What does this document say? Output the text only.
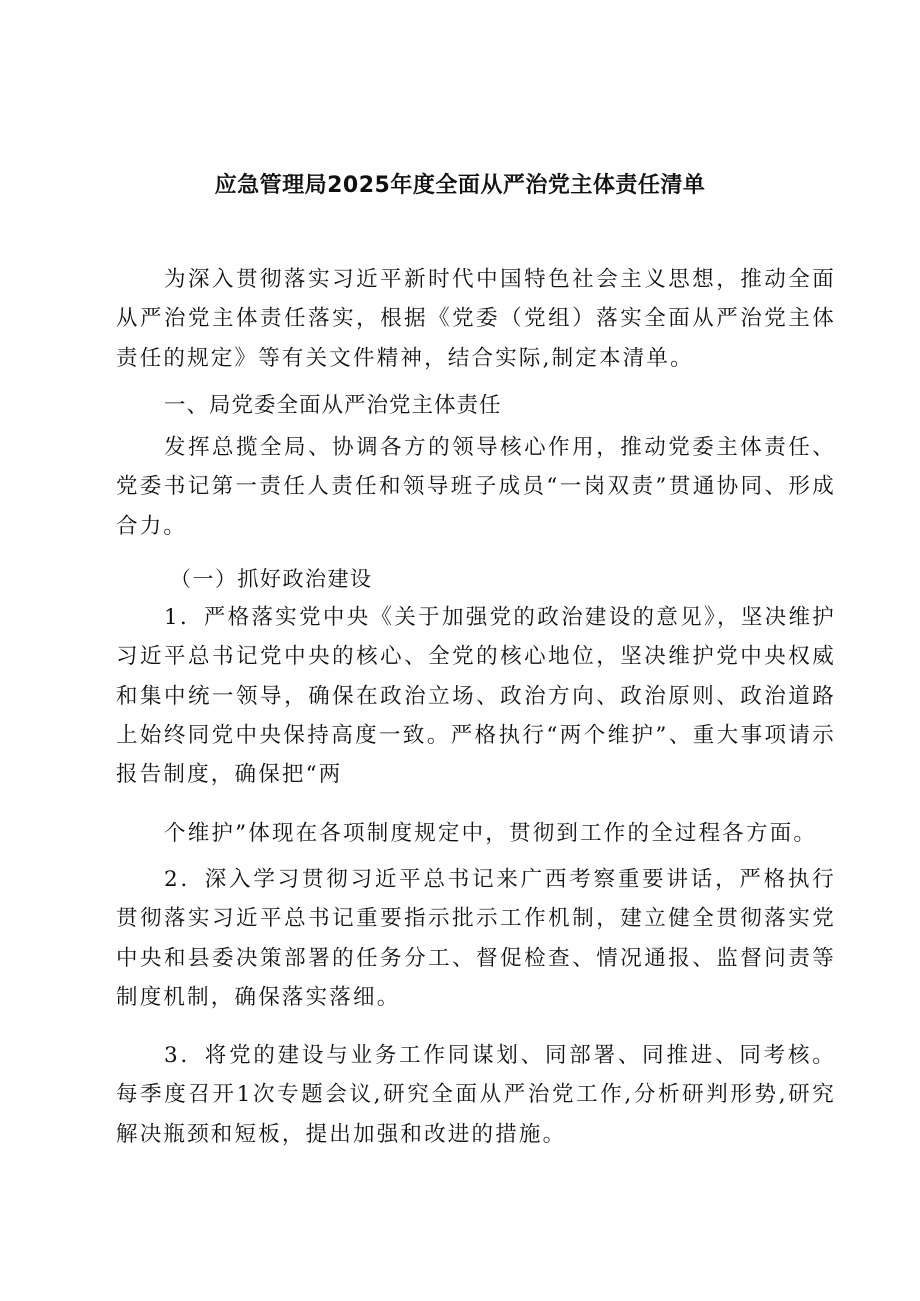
应急管理局2025年度全面从严治党主体责任清单
为深入贯彻落实习近平新时代中国特色社会主义思想，推动全面从严治党主体责任落实，根据《党委（党组）落实全面从严治党主体责任的规定》等有关文件精神，结合实际,制定本清单。
一、局党委全面从严治党主体责任
发挥总揽全局、协调各方的领导核心作用，推动党委主体责任、党委书记第一责任人责任和领导班子成员“一岗双责”贯通协同、形成合力。
（一）抓好政治建设
1．严格落实党中央《关于加强党的政治建设的意见》，坚决维护习近平总书记党中央的核心、全党的核心地位，坚决维护党中央权威和集中统一领导，确保在政治立场、政治方向、政治原则、政治道路上始终同党中央保持高度一致。严格执行“两个维护”、重大事项请示报告制度，确保把“两
个维护”体现在各项制度规定中，贯彻到工作的全过程各方面。
2．深入学习贯彻习近平总书记来广西考察重要讲话，严格执行贯彻落实习近平总书记重要指示批示工作机制，建立健全贯彻落实党中央和县委决策部署的任务分工、督促检查、情况通报、监督问责等制度机制，确保落实落细。
3．将党的建设与业务工作同谋划、同部署、同推进、同考核。每季度召开1次专题会议,研究全面从严治党工作,分析研判形势,研究解决瓶颈和短板，提出加强和改进的措施。
